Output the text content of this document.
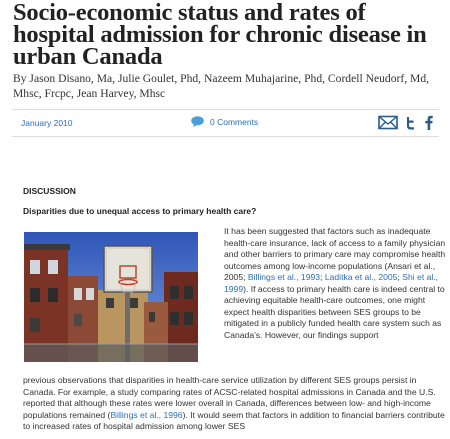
Socio-economic status and rates of hospital admission for chronic disease in urban Canada
By Jason Disano, Ma, Julie Goulet, Phd, Nazeem Muhajarine, Phd, Cordell Neudorf, Md, Mhsc, Frcpc, Jean Harvey, Mhsc
January 2010	0 Comments
DISCUSSION
Disparities due to unequal access to primary health care?
It has been suggested that factors such as inadequate health-care insurance, lack of access to a family physician and other barriers to primary care may compromise health outcomes among low-income populations (Ansari et al., 2005; Billings et al., 1993; Laditka et al., 2005; Shi et al., 1999). If access to primary health care is indeed central to achieving equitable health-care outcomes, one might expect health disparities between SES groups to be mitigated in a publicly funded health care system such as Canada's. However, our findings support
previous observations that disparities in health-care service utilization by different SES groups persist in Canada. For example, a study comparing rates of ACSC-related hospital admissions in Canada and the U.S. reported that although these rates were lower overall in Canada, differences between low- and high-income populations remained (Billings et al., 1996). It would seem that factors in addition to financial barriers contribute to increased rates of hospital admission among lower SES
